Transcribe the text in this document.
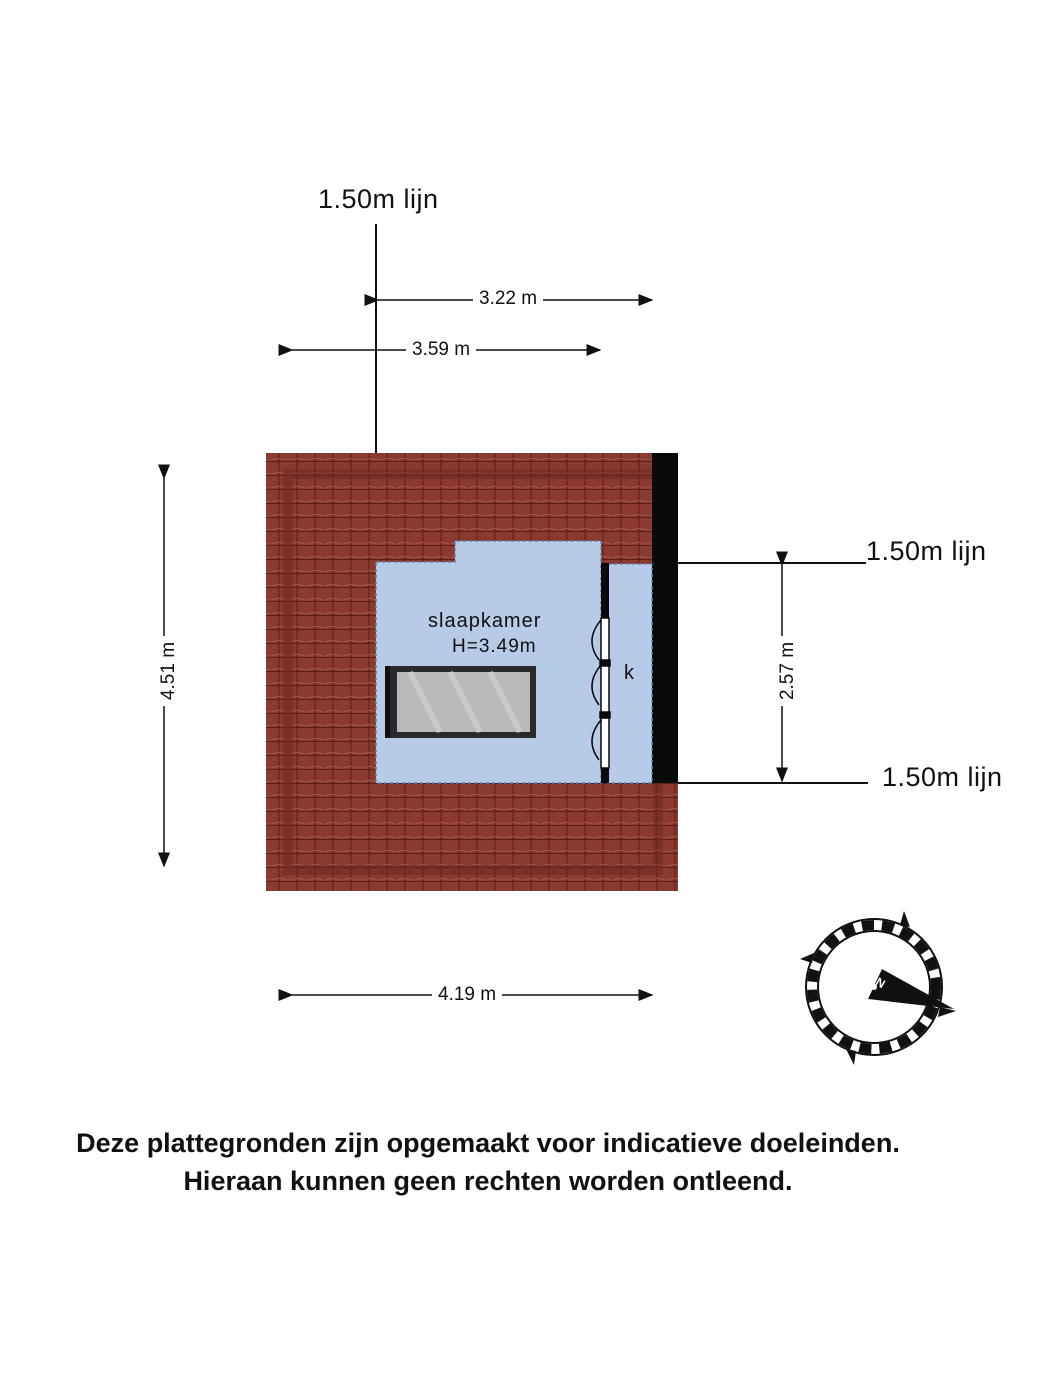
1.50m lijn
1.50m lijn
1.50m lijn
3.22 m
3.59 m
4.51 m	2.57 m
4.19 m
slaapkamer
H=3.49m
k
N
Deze plattegronden zijn opgemaakt voor indicatieve doeleinden.
Hieraan kunnen geen rechten worden ontleend.
